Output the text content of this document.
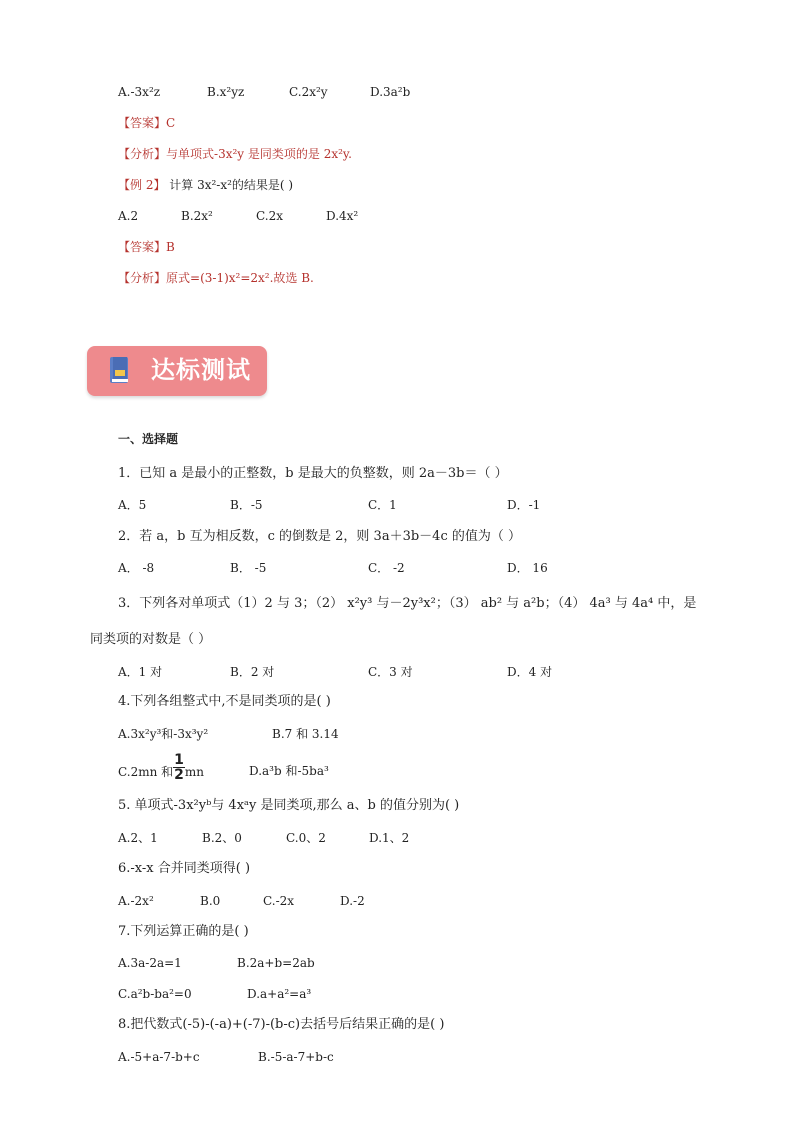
A.-3x²z	B.x²yz	C.2x²y	D.3a²b
【答案】C
【分析】与单项式-3x²y 是同类项的是 2x²y.
【例 2】 计算 3x²-x²的结果是( )
A.2	B.2x²	C.2x	D.4x²
【答案】B
【分析】原式=(3-1)x²=2x².故选 B.
达标测试
一、选择题
1．已知 a 是最小的正整数，b 是最大的负整数，则 2a－3b＝（ ）
A．5	B．-5	C．1	D．-1
2．若 a，b 互为相反数，c 的倒数是 2，则 3a＋3b－4c 的值为（ ）
A． -8	B． -5	C． -2	D． 16
3．下列各对单项式（1）2 与 3；（2） x²y³ 与－2y³x²；（3） ab² 与 a²b；（4） 4a³ 与 4a⁴ 中，是
同类项的对数是（ ）
A．1 对	B．2 对	C．3 对	D．4 对
4.下列各组整式中,不是同类项的是( )
A.3x²y³和-3x³y²	B.7 和 3.14
C.2mn 和 $\frac{1}{2}$ mn	D.a³b 和-5ba³
5. 单项式-3x²yᵇ与 4xᵃy 是同类项,那么 a、b 的值分别为( )
A.2、1	B.2、0	C.0、2	D.1、2
6.-x-x 合并同类项得( )
A.-2x²	B.0	C.-2x	D.-2
7.下列运算正确的是( )
A.3a-2a=1	B.2a+b=2ab
C.a²b-ba²=0	D.a+a²=a³
8.把代数式(-5)-(-a)+(-7)-(b-c)去括号后结果正确的是( )
A.-5+a-7-b+c	B.-5-a-7+b-c
